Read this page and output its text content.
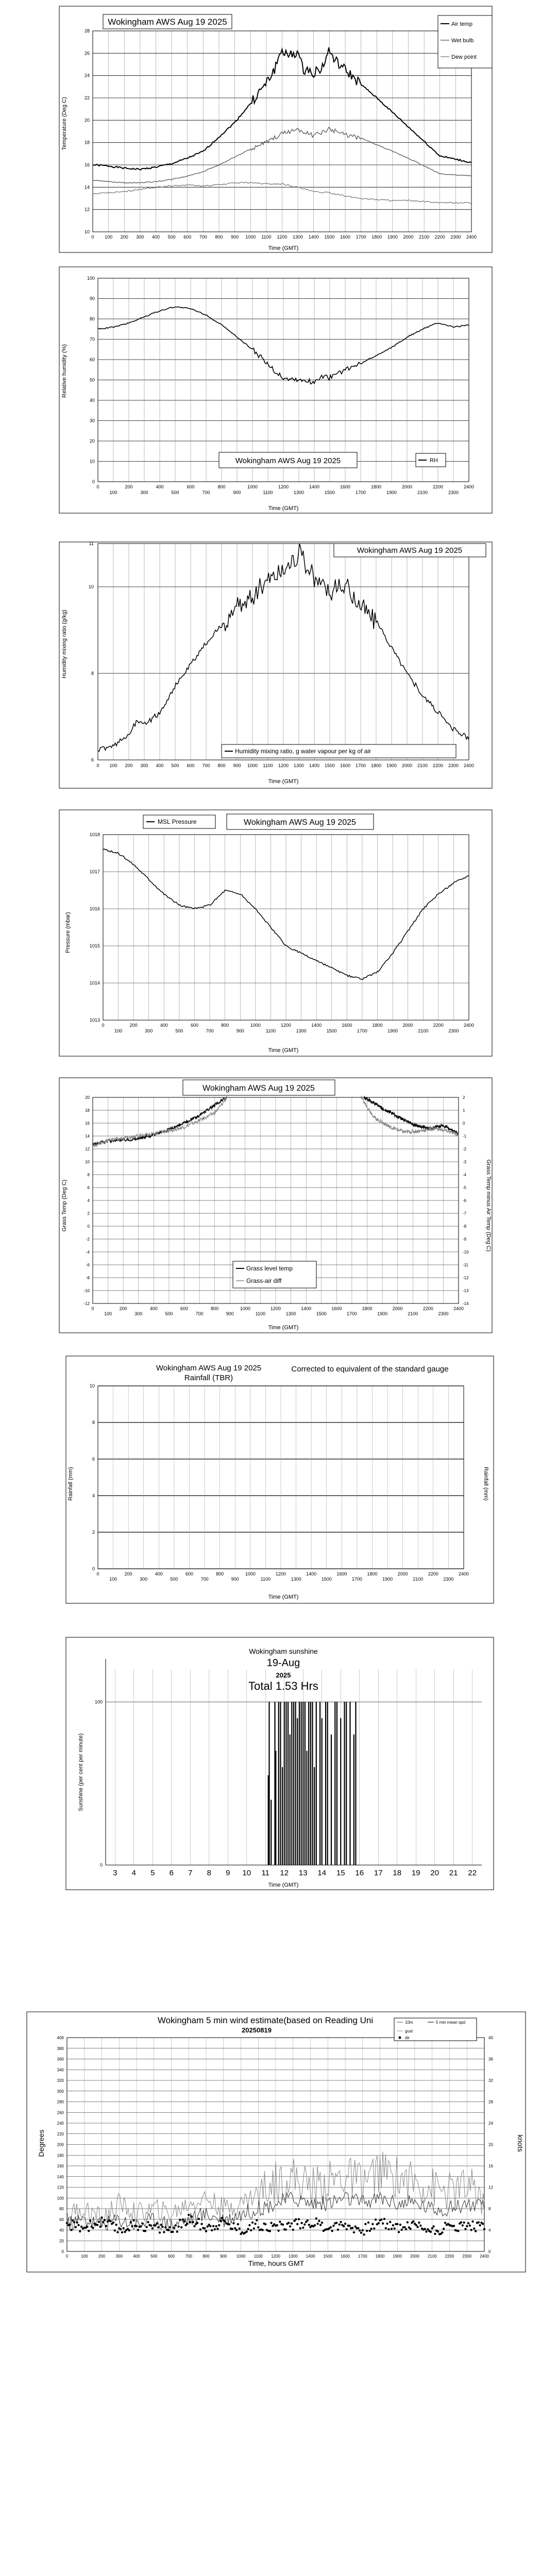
10
12
14
16
18
20
22
24
26
28
0 100 200 300 400 500 600 700 800 900 1000 1100 1200 1300 1400 1500 1600 1700 1800 1900 2000 2100 2200 2300 2400
Wokingham AWS Aug 19 2025	Air temp
Wet bulb
Dew point
Time (GMT)
Temperature (Deg C)
0
10
20
30
40
50
60
70
80
90
100
0	200	400	600	800	1000	1200	1400	1600	1800	2000	2200	2400
100	300	500	700	900	1100	1300	1500	1700	1900	2100	2300
Wokingham AWS Aug 19 2025	RH
Time (GMT)
Relative humidity (%)
6
8
10
11
0 100 200 300 400 500 600 700 800 900 1000 1100 1200 1300 1400 1500 1600 1700 1800 1900 2000 2100 2200 2300 2400
Wokingham AWS Aug 19 2025
Humidity mixing ratio, g water vapour per kg of air
Time (GMT)
Humidity mixing ratio (g/kg)
1013
1014
1015
1016
1017
1018
0	200	400	600	800	1000	1200	1400	1600	1800	2000	2200	2400
100	300	500	700	900	1100	1300	1500	1700	1900	2100	2300
MSL Pressure	Wokingham AWS Aug 19 2025
Time (GMT)
Pressure (mbar)
-12
-10
-8
-6
-4
-2
0
2
4
6
8
10
12
14
16
18
20
-14
-13
-12
-11
-10
-9
-8
-7
-6
-5
-4
-3
-2
-1
0
1
2
0	200	400	600	800	1000	1200	1400	1600	1800	2000	2200	2400
100	300	500	700	900	1100	1300	1500	1700	1900	2100	2300
Wokingham AWS Aug 19 2025
Grass level temp
Grass-air diff
Time (GMT)
Grass Temp (Deg C)	Grass Temp minus Air Temp (Deg C)
0
2
4
6
8
10
0	200	400	600	800	1000	1200	1400	1600	1800	2000	2200	2400
100	300	500	700	900	1100	1300	1500	1700	1900	2100	2300
Wokingham AWS Aug 19 2025
Rainfall (TBR)
Corrected to equivalent of the standard gauge
Time (GMT)
Rainfall (mm)	Rainfall (mm)
0
100
3 4 5 6 7 8 9 10 11 12 13 14 15 16 17 18 19 20 21 22
Wokingham sunshine
19-Aug
2025
Total 1.53 Hrs
Time (GMT)
Sunshine (per cent per minute)
0
20
40
60
80
100
120
140
160
180
200
220
240
260
280
300
320
340
360
380
400
0
4
8
12
16
20
24
28
32
36
40
0	100	200	300	400	500	600	700	800	900 1000 1100 1200 1300 1400 1500 1600 1700 1800 1900 2000 2100 2200 2300 2400
Wokingham 5 min wind estimate(based on Reading Uni
20250819
10m	5 min mean spd
gust
dir
Time, hours GMT
Degrees	knots
